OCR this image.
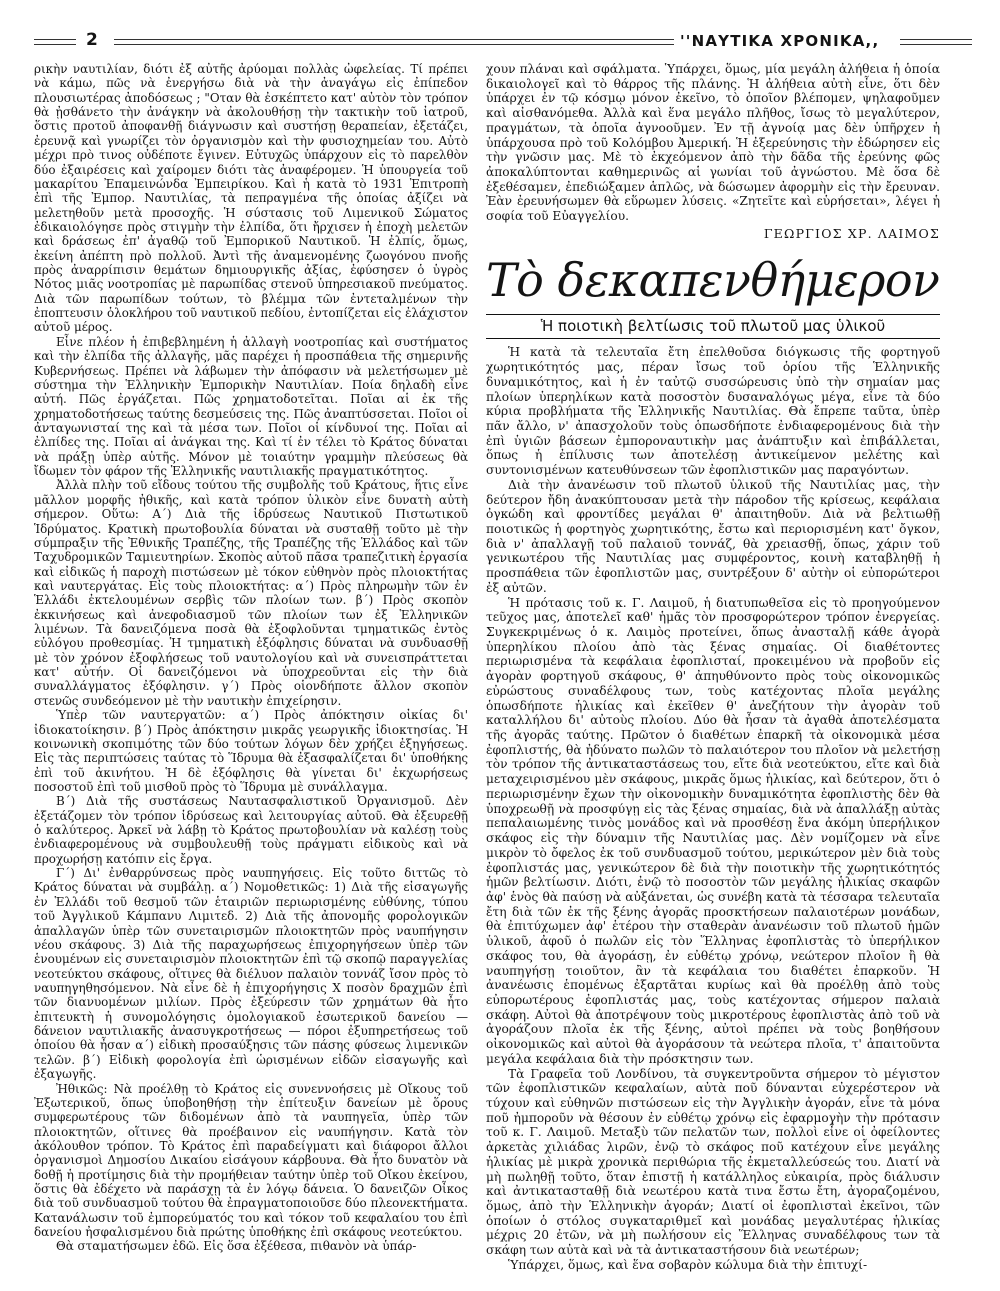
2	''ΝΑΥΤΙΚΑ ΧΡΟΝΙΚΑ,,

ρικὴν ναυτιλίαν, διότι ἐξ αὐτῆς ἀρύομαι πολλὰς ὠφελείας. Τί πρέπει νὰ κάμω, πῶς νὰ ἐνεργήσω διὰ νὰ τὴν ἀναγάγω εἰς ἐπίπεδον πλουσιωτέρας ἀποδόσεως ; "Οταν θὰ ἐσκέπτετο κατ' αὐτὸν τὸν τρόπον θὰ ᾐσθάνετο τὴν ἀνάγκην νὰ ἀκολουθήσῃ τὴν τακτικὴν τοῦ ἰατροῦ, ὅστις προτοῦ ἀποφανθῇ διάγνωσιν καὶ συστήσῃ θεραπείαν, ἐξετάζει, ἐρευνᾷ καὶ γνωρίζει τὸν ὀργανισμὸν καὶ τὴν φυσιοχημείαν του. Αὐτὸ μέχρι πρὸ τινος οὐδέποτε ἔγινεν. Εὐτυχῶς ὑπάρχουν εἰς τὸ παρελθὸν δύο ἐξαιρέσεις καὶ χαίρομεν διότι τὰς ἀναφέρομεν. Ἡ ὑπουργεία τοῦ μακαρίτου Ἐπαμεινώνδα Ἐμπειρίκου. Καὶ ἡ κατὰ τὸ 1931 Ἐπιτροπὴ ἐπὶ τῆς Ἐμπορ. Ναυτιλίας, τὰ πεπραγμένα τῆς ὁποίας ἀξίζει νὰ μελετηθοῦν μετὰ προσοχῆς. Ἡ σύστασις τοῦ Λιμενικοῦ Σώματος ἐδικαιολόγησε πρὸς στιγμὴν τὴν ἐλπίδα, ὅτι ἤρχισεν ἡ ἐποχὴ μελετῶν καὶ δράσεως ἐπ' ἀγαθῷ τοῦ Ἐμπορικοῦ Ναυτικοῦ. Ἡ ἐλπίς, ὅμως, ἐκείνη ἀπέπτη πρὸ πολλοῦ. Ἀντὶ τῆς ἀναμενομένης ζωογόνου πνοῆς πρὸς ἀναρρίπισιν θεμάτων δημιουργικῆς ἀξίας, ἐφύσησεν ὁ ὑγρὸς Νότος μιᾶς νοοτροπίας μὲ παρωπίδας στενοῦ ὑπηρεσιακοῦ πνεύματος. Διὰ τῶν παρωπίδων τούτων, τὸ βλέμμα τῶν ἐντεταλμένων τὴν ἐποπτευσιν ὁλοκλήρου τοῦ ναυτικοῦ πεδίου, ἐντοπίζεται εἰς ἐλάχιστον αὐτοῦ μέρος.

Εἶνε πλέον ἡ ἐπιβεβλημένη ἡ ἀλλαγὴ νοοτροπίας καὶ συστήματος καὶ τὴν ἐλπίδα τῆς ἀλλαγῆς, μᾶς παρέχει ἡ προσπάθεια τῆς σημερινῆς Κυβερνήσεως. Πρέπει νὰ λάβωμεν τὴν ἀπόφασιν νὰ μελετήσωμεν μὲ σύστημα τὴν Ἑλληνικὴν Ἐμπορικὴν Ναυτιλίαν. Ποία δηλαδὴ εἶνε αὐτή. Πῶς ἐργάζεται. Πῶς χρηματοδοτεῖται. Ποῖαι αἱ ἐκ τῆς χρηματοδοτήσεως ταύτης δεσμεύσεις της. Πῶς ἀναπτύσσεται. Ποῖοι οἱ ἀνταγωνισταί της καὶ τὰ μέσα των. Ποῖοι οἱ κίνδυνοί της. Ποῖαι αἱ ἐλπίδες της. Ποῖαι αἱ ἀνάγκαι της. Καὶ τί ἐν τέλει τὸ Κράτος δύναται νὰ πράξῃ ὑπὲρ αὐτῆς. Μόνον μὲ τοιαύτην γραμμὴν πλεύσεως θὰ ἴδωμεν τὸν φάρον τῆς Ἑλληνικῆς ναυτιλιακῆς πραγματικότητος.

Ἀλλὰ πλὴν τοῦ εἴδους τούτου τῆς συμβολῆς τοῦ Κράτους, ἥτις εἶνε μᾶλλον μορφῆς ἠθικῆς, καὶ κατὰ τρόπον ὑλικὸν εἶνε δυνατὴ αὐτὴ σήμερον. Οὕτω: Α΄) Διὰ τῆς ἱδρύσεως Ναυτικοῦ Πιστωτικοῦ Ἱδρύματος. Κρατικὴ πρωτοβουλία δύναται νὰ συσταθῇ τοῦτο μὲ τὴν σύμπραξιν τῆς Ἐθνικῆς Τραπέζης, τῆς Τραπέζης τῆς Ἑλλάδος καὶ τῶν Ταχυδρομικῶν Ταμιευτηρίων. Σκοπὸς αὐτοῦ πᾶσα τραπεζιτικὴ ἐργασία καὶ εἰδικῶς ἡ παροχὴ πιστώσεων μὲ τόκον εὐθηνὸν πρὸς πλοιοκτήτας καὶ ναυτεργάτας. Εἰς τοὺς πλοιοκτήτας: α΄) Πρὸς πληρωμὴν τῶν ἐν Ἑλλάδι ἐκτελουμένων σερβὶς τῶν πλοίων των. β΄) Πρὸς σκοπὸν ἐκκινήσεως καὶ ἀνεφοδιασμοῦ τῶν πλοίων των ἐξ Ἑλληνικῶν λιμένων. Τὰ δανειζόμενα ποσὰ θὰ ἐξοφλοῦνται τμηματικῶς ἐντὸς εὐλόγου προθεσμίας. Ἡ τμηματικὴ ἐξόφλησις δύναται νὰ συνδυασθῇ μὲ τὸν χρόνον ἐξοφλήσεως τοῦ ναυτολογίου καὶ νὰ συνεισπράττεται κατ' αὐτήν. Οἱ δανειζόμενοι νὰ ὑποχρεοῦνται εἰς τὴν διὰ συναλλάγματος ἐξόφλησιν. γ΄) Πρὸς οἱονδήποτε ἄλλον σκοπὸν στενῶς συνδεόμενον μὲ τὴν ναυτικὴν ἐπιχείρησιν.

Ὑπὲρ τῶν ναυτεργατῶν: α΄) Πρὸς ἀπόκτησιν οἰκίας δι' ἰδιοκατοίκησιν. β΄) Πρὸς ἀπόκτησιν μικρᾶς γεωργικῆς ἰδιοκτησίας. Ἡ κοινωνικὴ σκοπιμότης τῶν δύο τούτων λόγων δὲν χρήζει ἐξηγήσεως. Εἰς τὰς περιπτώσεις ταύτας τὸ Ἵδρυμα θὰ ἐξασφαλίζεται δι' ὑποθήκης ἐπὶ τοῦ ἀκινήτου. Ἡ δὲ ἐξόφλησις θὰ γίνεται δι' ἐκχωρήσεως ποσοστοῦ ἐπὶ τοῦ μισθοῦ πρὸς τὸ Ἵδρυμα μὲ συνάλλαγμα.

Β΄) Διὰ τῆς συστάσεως Ναυτασφαλιστικοῦ Ὀργανισμοῦ. Δὲν ἐξετάζομεν τὸν τρόπον ἱδρύσεως καὶ λειτουργίας αὐτοῦ. Θὰ ἐξευρεθῇ ὁ καλύτερος. Ἀρκεῖ νὰ λάβῃ τὸ Κράτος πρωτοβουλίαν νὰ καλέσῃ τοὺς ἐνδιαφερομένους νὰ συμβουλευθῇ τοὺς πράγματι εἰδικοὺς καὶ νὰ προχωρήσῃ κατόπιν εἰς ἔργα.

Γ΄) Δι' ἐνθαρρύνσεως πρὸς ναυπηγήσεις. Εἰς τοῦτο διττῶς τὸ Κράτος δύναται νὰ συμβάλῃ. α΄) Νομοθετικῶς: 1) Διὰ τῆς εἰσαγωγῆς ἐν Ἑλλάδι τοῦ θεσμοῦ τῶν ἑταιριῶν περιωρισμένης εὐθύνης, τύπου τοῦ Ἀγγλικοῦ Κάμπανυ Λιμιτεδ. 2) Διὰ τῆς ἀπονομῆς φορολογικῶν ἀπαλλαγῶν ὑπὲρ τῶν συνεταιρισμῶν πλοιοκτητῶν πρὸς ναυπήγησιν νέου σκάφους. 3) Διὰ τῆς παραχωρήσεως ἐπιχορηγήσεων ὑπὲρ τῶν ἑνουμένων εἰς συνεταιρισμὸν πλοιοκτητῶν ἐπὶ τῷ σκοπῷ παραγγελίας νεοτεύκτου σκάφους, οἵτινες θὰ διέλυον παλαιὸν τοννάζ ἴσον πρὸς τὸ ναυπηγηθησόμενον. Νὰ εἶνε δὲ ἡ ἐπιχορήγησις Χ ποσὸν δραχμῶν ἐπὶ τῶν διανυομένων μιλίων. Πρὸς ἐξεύρεσιν τῶν χρημάτων θὰ ἦτο ἐπιτευκτὴ ἡ συνομολόγησις ὁμολογιακοῦ ἐσωτερικοῦ δανείου — δάνειον ναυτιλιακῆς ἀνασυγκροτήσεως — πόροι ἐξυπηρετήσεως τοῦ ὁποίου θὰ ἦσαν α΄) εἰδικὴ προσαύξησις τῶν πάσης φύσεως λιμενικῶν τελῶν. β΄) Εἰδικὴ φορολογία ἐπὶ ὡρισμένων εἰδῶν εἰσαγωγῆς καὶ ἐξαγωγῆς.

Ἠθικῶς: Νὰ προέλθῃ τὸ Κράτος εἰς συνεννοήσεις μὲ Οἴκους τοῦ Ἐξωτερικοῦ, ὅπως ὑποβοηθήσῃ τὴν ἐπίτευξιν δανείων μὲ ὅρους συμφερωτέρους τῶν διδομένων ἀπὸ τὰ ναυπηγεῖα, ὑπὲρ τῶν πλοιοκτητῶν, οἵτινες θὰ προέβαινον εἰς ναυπήγησιν. Κατὰ τὸν ἀκόλουθον τρόπον. Τὸ Κράτος ἐπὶ παραδείγματι καὶ διάφοροι ἄλλοι ὀργανισμοὶ Δημοσίου Δικαίου εἰσάγουν κάρβουνα. Θὰ ἦτο δυνατὸν νὰ δοθῇ ἡ προτίμησις διὰ τὴν προμήθειαν ταύτην ὑπὲρ τοῦ Οἴκου ἐκείνου, ὅστις θὰ ἐδέχετο νὰ παράσχῃ τὰ ἐν λόγῳ δάνεια. Ὁ δανειζῶν Οἶκος διὰ τοῦ συνδυασμοῦ τούτου θὰ ἐπραγματοποιοῦσε δύο πλεονεκτήματα. Κατανάλωσιν τοῦ ἐμπορεύματός του καὶ τόκον τοῦ κεφαλαίου του ἐπὶ δανείου ἠσφαλισμένου διὰ πρώτης ὑποθήκης ἐπὶ σκάφους νεοτεύκτου.

Θὰ σταματήσωμεν ἐδῶ. Εἰς ὅσα ἐξέθεσα, πιθανὸν νὰ ὑπάρ-

χουν πλάναι καὶ σφάλματα. Ὑπάρχει, ὅμως, μία μεγάλη ἀλήθεια ἡ ὁποία δικαιολογεῖ καὶ τὸ θάρρος τῆς πλάνης. Ἡ ἀλήθεια αὐτὴ εἶνε, ὅτι δὲν ὑπάρχει ἐν τῷ κόσμῳ μόνον ἐκεῖνο, τὸ ὁποῖον βλέπομεν, ψηλαφοῦμεν καὶ αἰσθανόμεθα. Ἀλλὰ καὶ ἕνα μεγάλο πλῆθος, ἴσως τὸ μεγαλύτερον, πραγμάτων, τὰ ὁποῖα ἀγνοοῦμεν. Ἐν τῇ ἀγνοίᾳ μας δὲν ὑπῆρχεν ἡ ὑπάρχουσα πρὸ τοῦ Κολόμβου Ἀμερική. Ἡ ἐξερεύνησις τὴν ἐδώρησεν εἰς τὴν γνῶσιν μας. Μὲ τὸ ἐκχεόμενον ἀπὸ τὴν δᾶδα τῆς ἐρεύνης φῶς ἀποκαλύπτονται καθημερινῶς αἱ γωνίαι τοῦ ἀγνώστου. Μὲ ὅσα δὲ ἐξεθέσαμεν, ἐπεδιώξαμεν ἁπλῶς, νὰ δώσωμεν ἀφορμὴν εἰς τὴν ἔρευναν. Ἐὰν ἐρευνήσωμεν θὰ εὕρωμεν λύσεις. «Ζητεῖτε καὶ εὑρήσεται», λέγει ἡ σοφία τοῦ Εὐαγγελίου.

ΓΕΩΡΓΙΟΣ ΧΡ. ΛΑΙΜΟΣ
Τὸ δεκαπενθήμερον
Ἡ ποιοτικὴ βελτίωσις τοῦ πλωτοῦ μας ὑλικοῦ

Ἡ κατὰ τὰ τελευταῖα ἔτη ἐπελθοῦσα διόγκωσις τῆς φορτηγοῦ χωρητικότητός μας, πέραν ἴσως τοῦ ὁρίου τῆς Ἑλληνικῆς δυναμικότητος, καὶ ἡ ἐν ταὐτῷ συσσώρευσις ὑπὸ τὴν σημαίαν μας πλοίων ὑπερηλίκων κατὰ ποσοστὸν δυσαναλόγως μέγα, εἶνε τὰ δύο κύρια προβλήματα τῆς Ἑλληνικῆς Ναυτιλίας. Θὰ ἔπρεπε ταῦτα, ὑπὲρ πᾶν ἄλλο, ν' ἀπασχολοῦν τοὺς ὁπωσδήποτε ἐνδιαφερομένους διὰ τὴν ἐπὶ ὑγιῶν βάσεων ἐμποροναυτικὴν μας ἀνάπτυξιν καὶ ἐπιβάλλεται, ὅπως ἡ ἐπίλυσις των ἀποτελέσῃ ἀντικείμενον μελέτης καὶ συντονισμένων κατευθύνσεων τῶν ἐφοπλιστικῶν μας παραγόντων.

Διὰ τὴν ἀνανέωσιν τοῦ πλωτοῦ ὑλικοῦ τῆς Ναυτιλίας μας, τὴν δεύτερον ἤδη ἀνακύπτουσαν μετὰ τὴν πάροδον τῆς κρίσεως, κεφάλαια ὀγκώδη καὶ φροντίδες μεγάλαι θ' ἀπαιτηθοῦν. Διὰ νὰ βελτιωθῇ ποιοτικῶς ἡ φορτηγὸς χωρητικότης, ἔστω καὶ περιορισμένη κατ' ὄγκον, διὰ ν' ἀπαλλαγῇ τοῦ παλαιοῦ τοννάζ, θὰ χρειασθῇ, ὅπως, χάριν τοῦ γενικωτέρου τῆς Ναυτιλίας μας συμφέροντος, κοινὴ καταβληθῇ ἡ προσπάθεια τῶν ἐφοπλιστῶν μας, συντρέξουν δ' αὐτὴν οἱ εὐπορώτεροι ἐξ αὐτῶν.

Ἡ πρότασις τοῦ κ. Γ. Λαιμοῦ, ἡ διατυπωθεῖσα εἰς τὸ προηγούμενον τεῦχος μας, ἀποτελεῖ καθ' ἡμᾶς τὸν προσφορώτερον τρόπον ἐνεργείας. Συγκεκριμένως ὁ κ. Λαιμὸς προτείνει, ὅπως ἀνασταλῇ κάθε ἀγορὰ ὑπερηλίκου πλοίου ἀπὸ τὰς ξένας σημαίας. Οἱ διαθέτοντες περιωρισμένα τὰ κεφάλαια ἐφοπλισταί, προκειμένου νὰ προβοῦν εἰς ἀγορὰν φορτηγοῦ σκάφους, θ' ἀπηυθύνοντο πρὸς τοὺς οἰκονομικῶς εὐρώστους συναδέλφους των, τοὺς κατέχοντας πλοῖα μεγάλης ὁπωσδήποτε ἡλικίας καὶ ἐκεῖθεν θ' ἀνεζήτουν τὴν ἀγορὰν τοῦ καταλλήλου δι' αὐτοὺς πλοίου. Δύο θὰ ἦσαν τὰ ἀγαθὰ ἀποτελέσματα τῆς ἀγορᾶς ταύτης. Πρῶτον ὁ διαθέτων ἐπαρκῆ τὰ οἰκονομικὰ μέσα ἐφοπλιστής, θὰ ἠδύνατο πωλῶν τὸ παλαιότερον του πλοῖον νὰ μελετήσῃ τὸν τρόπον τῆς ἀντικαταστάσεως του, εἴτε διὰ νεοτεύκτου, εἴτε καὶ διὰ μεταχειρισμένου μὲν σκάφους, μικρᾶς ὅμως ἡλικίας, καὶ δεύτερον, ὅτι ὁ περιωρισμένην ἔχων τὴν οἰκονομικὴν δυναμικότητα ἐφοπλιστὴς δὲν θὰ ὑποχρεωθῇ νὰ προσφύγῃ εἰς τὰς ξένας σημαίας, διὰ νὰ ἀπαλλάξῃ αὐτὰς πεπαλαιωμένης τινὸς μονάδος καὶ νὰ προσθέσῃ ἕνα ἀκόμη ὑπερήλικον σκάφος εἰς τὴν δύναμιν τῆς Ναυτιλίας μας. Δὲν νομίζομεν νὰ εἶνε μικρὸν τὸ ὄφελος ἐκ τοῦ συνδυασμοῦ τούτου, μερικώτερον μὲν διὰ τοὺς ἐφοπλιστάς μας, γενικώτερον δὲ διὰ τὴν ποιοτικὴν τῆς χωρητικότητός ἡμῶν βελτίωσιν. Διότι, ἐνῷ τὸ ποσοστὸν τῶν μεγάλης ἡλικίας σκαφῶν ἀφ' ἑνὸς θὰ παύσῃ νὰ αὐξάνεται, ὡς συνέβη κατὰ τὰ τέσσαρα τελευταῖα ἔτη διὰ τῶν ἐκ τῆς ξένης ἀγορᾶς προσκτήσεων παλαιοτέρων μονάδων, θὰ ἐπιτύχωμεν ἀφ' ἑτέρου τὴν σταθερὰν ἀνανέωσιν τοῦ πλωτοῦ ἡμῶν ὑλικοῦ, ἀφοῦ ὁ πωλῶν εἰς τὸν Ἕλληνας ἐφοπλιστὰς τὸ ὑπερήλικον σκάφος του, θὰ ἀγοράσῃ, ἐν εὐθέτῳ χρόνῳ, νεώτερον πλοῖον ἢ θὰ ναυπηγήσῃ τοιοῦτον, ἂν τὰ κεφάλαια του διαθέτει ἐπαρκοῦν. Ἡ ἀνανέωσις ἑπομένως ἐξαρτᾶται κυρίως καὶ θὰ προέλθῃ ἀπὸ τοὺς εὐπορωτέρους ἐφοπλιστάς μας, τοὺς κατέχοντας σήμερον παλαιὰ σκάφη. Αὐτοὶ θὰ ἀποτρέψουν τοὺς μικροτέρους ἐφοπλιστὰς ἀπὸ τοῦ νὰ ἀγοράζουν πλοῖα ἐκ τῆς ξένης, αὐτοὶ πρέπει νὰ τοὺς βοηθήσουν οἰκονομικῶς καὶ αὐτοὶ θὰ ἀγοράσουν τὰ νεώτερα πλοῖα, τ' ἀπαιτοῦντα μεγάλα κεφάλαια διὰ τὴν πρόσκτησιν των.

Τὰ Γραφεῖα τοῦ Λονδίνου, τὰ συγκεντροῦντα σήμερον τὸ μέγιστον τῶν ἐφοπλιστικῶν κεφαλαίων, αὐτὰ ποῦ δύνανται εὐχερέστερον νὰ τύχουν καὶ εὐθηνῶν πιστώσεων εἰς τὴν Ἀγγλικὴν ἀγοράν, εἶνε τὰ μόνα ποῦ ἠμποροῦν νὰ θέσουν ἐν εὐθέτῳ χρόνῳ εἰς ἐφαρμογὴν τὴν πρότασιν τοῦ κ. Γ. Λαιμοῦ. Μεταξὺ τῶν πελατῶν των, πολλοὶ εἶνε οἱ ὀφείλοντες ἀρκετὰς χιλιάδας λιρῶν, ἐνῷ τὸ σκάφος ποῦ κατέχουν εἶνε μεγάλης ἡλικίας μὲ μικρὰ χρονικὰ περιθώρια τῆς ἐκμεταλλεύσεώς του. Διατί νὰ μὴ πωληθῇ τοῦτο, ὅταν ἐπιστῇ ἡ κατάλληλος εὐκαιρία, πρὸς διάλυσιν καὶ ἀντικατασταθῇ διὰ νεωτέρου κατὰ τινα ἔστω ἔτη, ἀγοραζομένου, ὅμως, ἀπὸ τὴν Ἑλληνικὴν ἀγοράν; Διατί οἱ ἐφοπλισταὶ ἐκεῖνοι, τῶν ὁποίων ὁ στόλος συγκαταριθμεῖ καὶ μονάδας μεγαλυτέρας ἡλικίας μέχρις 20 ἐτῶν, νὰ μὴ πωλήσουν εἰς Ἕλληνας συναδέλφους των τὰ σκάφη των αὐτὰ καὶ νὰ τὰ ἀντικαταστήσουν διὰ νεωτέρων;

Ὑπάρχει, ὅμως, καὶ ἕνα σοβαρὸν κώλυμα διὰ τὴν ἐπιτυχί-
